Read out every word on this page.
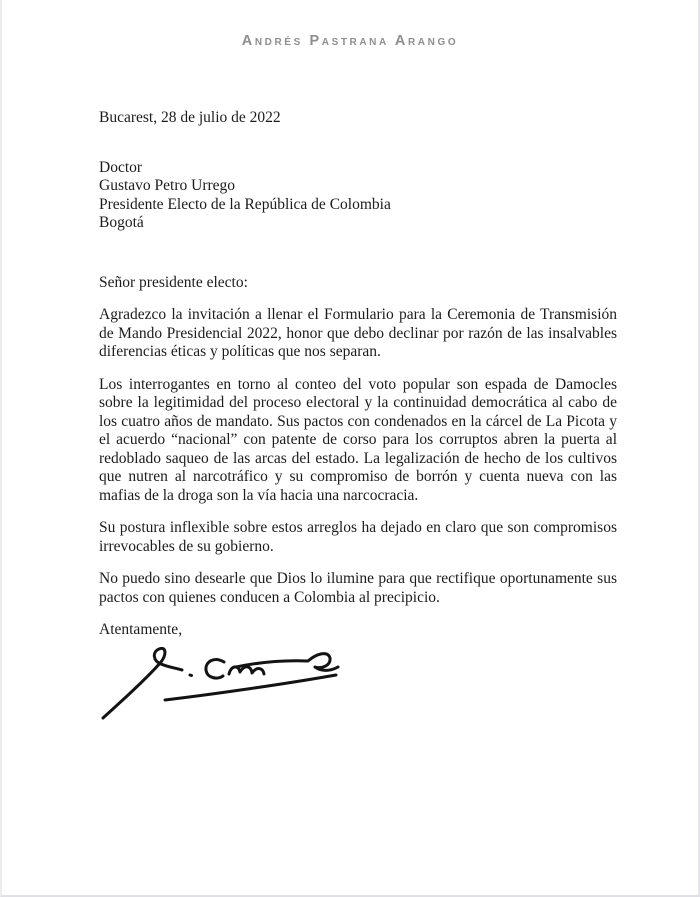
Andrés Pastrana Arango
Bucarest, 28 de julio de 2022
Doctor
Gustavo Petro Urrego
Presidente Electo de la República de Colombia
Bogotá
Señor presidente electo:

Agradezco la invitación a llenar el Formulario para la Ceremonia de Transmisión de Mando Presidencial 2022, honor que debo declinar por razón de las insalvables diferencias éticas y políticas que nos separan.

Los interrogantes en torno al conteo del voto popular son espada de Damocles sobre la legitimidad del proceso electoral y la continuidad democrática al cabo de los cuatro años de mandato. Sus pactos con condenados en la cárcel de La Picota y el acuerdo “nacional” con patente de corso para los corruptos abren la puerta al redoblado saqueo de las arcas del estado. La legalización de hecho de los cultivos que nutren al narcotráfico y su compromiso de borrón y cuenta nueva con las mafias de la droga son la vía hacia una narcocracia.

Su postura inflexible sobre estos arreglos ha dejado en claro que son compromisos irrevocables de su gobierno.

No puedo sino desearle que Dios lo ilumine para que rectifique oportunamente sus pactos con quienes conducen a Colombia al precipicio.

Atentamente,
